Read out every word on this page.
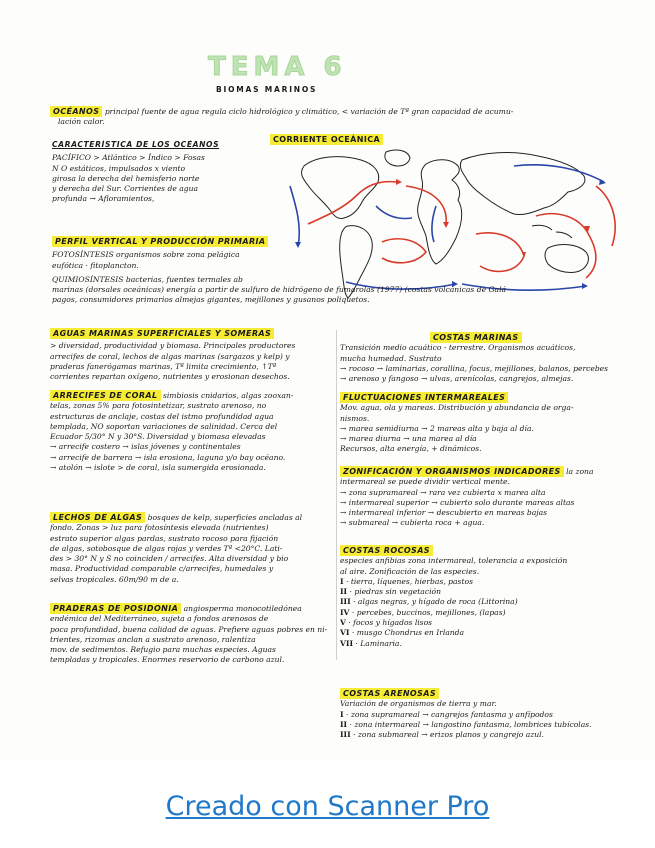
TEMA 6
BIOMAS MARINOS
OCÉANOS principal fuente de agua regula ciclo hidrológico y climático, < variación de Tª gran capacidad de acumu-
lación calor.
CORRIENTE OCEÁNICA
CARACTERÍSTICA DE LOS OCÉANOS
PACÍFICO > Atlántico > Índico > Fosas
N O estáticos, impulsados x viento
girosa la derecha del hemisferio norte
y derecha del Sur. Corrientes de agua
profunda → Afloramientos,
PERFIL VERTICAL Y PRODUCCIÓN PRIMARIA
FOTOSÍNTESIS organismos sobre zona pelágica
eufótica · fitoplancton.
QUIMIOSÍNTESIS bacterias, fuentes termales ab
marinas (dorsales oceánicas) energía a partir de sulfuro de hidrógeno de fumarolas (1977) (costas volcánicas de Galá
pagos, consumidores primarios almejas gigantes, mejillones y gusanos poliquetos.
AGUAS MARINAS SUPERFICIALES Y SOMERAS
> diversidad, productividad y biomasa. Principales productores
arrecifes de coral, lechos de algas marinas (sargazos y kelp) y
praderas fanerógamas marinas, Tª limita crecimiento, ↑Tª
corrientes repartan oxígeno, nutrientes y erosionan desechos.
ARRECIFES DE CORAL simbiosis cnidarios, algas zooxan-
telas, zonas 5% para fotosintetizar, sustrato arenoso, no
estructuras de anclaje, costas del istmo profundidad agua
templada, NO soportan variaciones de salinidad. Cerca del
Ecuador 5/30° N y 30°S. Diversidad y biomasa elevadas
→ arrecife costero → islas jóvenes y continentales
→ arrecife de barrera → isla erosiona, laguna y/o bay océano.
→ atolón → islote > de coral, isla sumergida erosionada.
LECHOS DE ALGAS bosques de kelp, superficies ancladas al
fondo. Zonas > luz para fotosíntesis elevada (nutrientes)
estrato superior algas pardas, sustrato rocoso para fijación
de algas, sotobosque de algas rojas y verdes Tª <20°C. Lati-
des > 30° N y S no coinciden / arrecifes. Alta diversidad y bio
masa. Productividad comparable c/arrecifes, humedales y
selvas tropicales. 60m/90 m de a.
PRADERAS DE POSIDONIA angiosperma monocotiledónea
endémica del Mediterráneo, sujeta a fondos arenosos de
poca profundidad, buena calidad de aguas. Prefiere aguas pobres en ni-
trientes, rizomas anclan a sustrato arenoso, ralentiza
mov. de sedimentos. Refugio para muchas especies. Aguas
templadas y tropicales. Enormes reservorio de carbono azul.
COSTAS MARINAS
Transición medio acuático - terrestre. Organismos acuáticos,
mucha humedad. Sustrato
→ rocoso → laminarias, corallina, focus, mejillones, balanos, percebes
→ arenoso y fangoso → ulvas, arenícolas, cangrejos, almejas.
FLUCTUACIONES INTERMAREALES
Mov. agua, ola y mareas. Distribución y abundancia de orga-
nismos.
→ marea semidiurna → 2 mareas alta y baja al día.
→ marea diurna → una marea al día
Recursos, alta energía, + dinámicos.
ZONIFICACIÓN Y ORGANISMOS INDICADORES la zona
intermareal se puede dividir vertical mente.
→ zona supramareal → rara vez cubierta x marea alta
→ intermareal superior → cubierto solo durante mareas altas
→ intermareal inferior → descubierto en mareas bajas
→ submareal → cubierta roca + agua.
COSTAS ROCOSAS
especies anfibias zona intermareal, tolerancia a exposición
al aire. Zonificación de las especies.
I · tierra, líquenes, hierbas, pastos
II · piedras sin vegetación
III · algas negras, y hígado de roca (Littorina)
IV · percebes, buccinos, mejillones, (lapas)
V · focos y hígados lisos
VI · musgo Chondrus en Irlanda
VII · Laminaria.
COSTAS ARENOSAS
Variación de organismos de tierra y mar.
I · zona supramareal → cangrejos fantasma y anfípodos
II · zona intermareal → langostino fantasma, lombrices tubícolas.
III · zona submareal → erizos planos y cangrejo azul.
Creado con Scanner Pro
